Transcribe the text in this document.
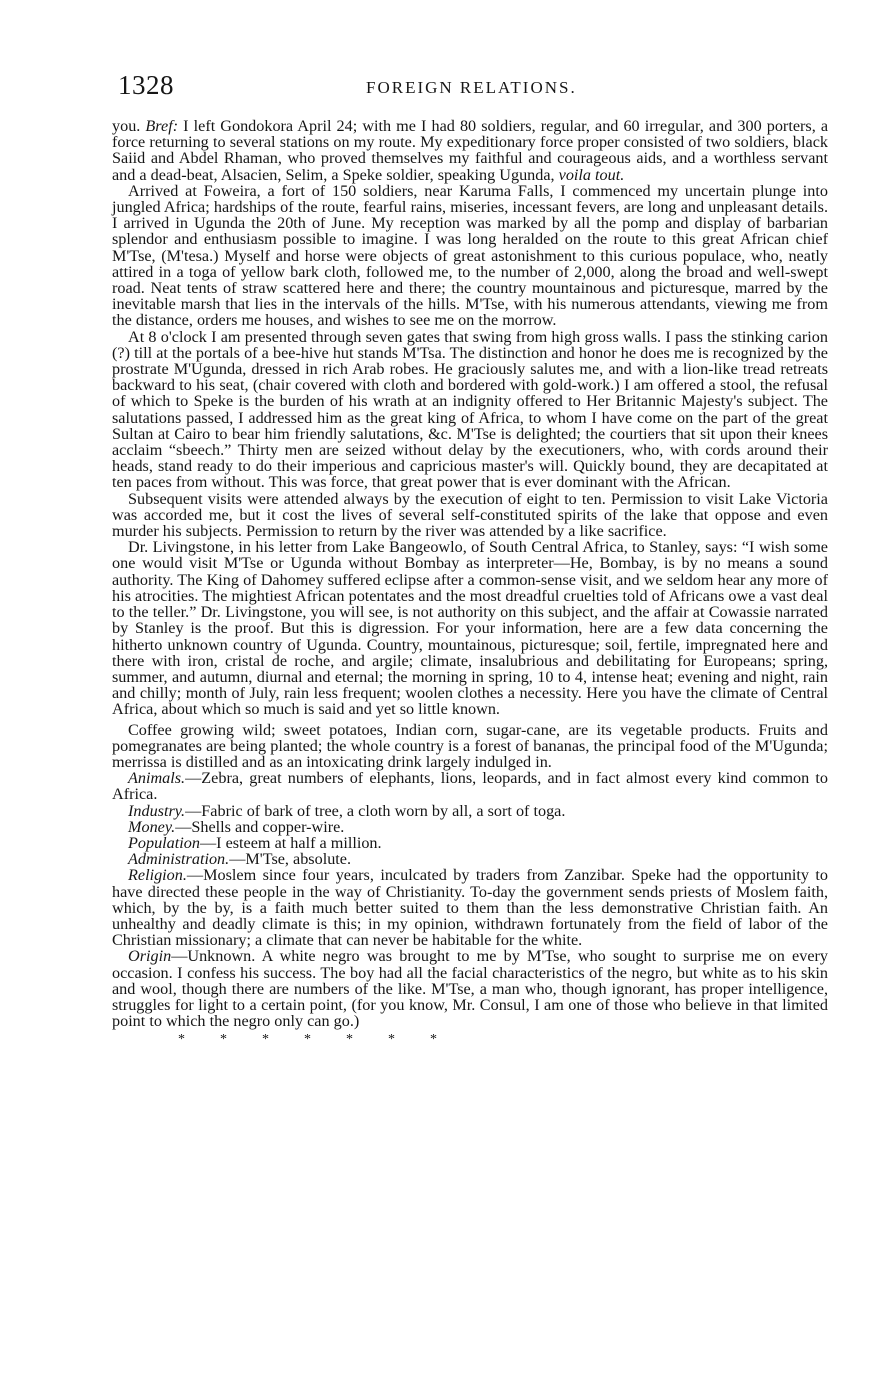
1328	FOREIGN RELATIONS.

you. Bref: I left Gondokora April 24; with me I had 80 soldiers, regular, and 60 irregular, and 300 porters, a force returning to several stations on my route. My expeditionary force proper consisted of two soldiers, black Saiid and Abdel Rhaman, who proved themselves my faithful and courageous aids, and a worthless servant and a dead-beat, Alsacien, Selim, a Speke soldier, speaking Ugunda, voila tout.

Arrived at Foweira, a fort of 150 soldiers, near Karuma Falls, I commenced my uncertain plunge into jungled Africa; hardships of the route, fearful rains, miseries, incessant fevers, are long and unpleasant details. I arrived in Ugunda the 20th of June. My reception was marked by all the pomp and display of barbarian splendor and enthusiasm possible to imagine. I was long heralded on the route to this great African chief M'Tse, (M'tesa.) Myself and horse were objects of great astonishment to this curious populace, who, neatly attired in a toga of yellow bark cloth, followed me, to the number of 2,000, along the broad and well-swept road. Neat tents of straw scattered here and there; the country mountainous and picturesque, marred by the inevitable marsh that lies in the intervals of the hills. M'Tse, with his numerous attendants, viewing me from the distance, orders me houses, and wishes to see me on the morrow.

At 8 o'clock I am presented through seven gates that swing from high gross walls. I pass the stinking carion (?) till at the portals of a bee-hive hut stands M'Tsa. The distinction and honor he does me is recognized by the prostrate M'Ugunda, dressed in rich Arab robes. He graciously salutes me, and with a lion-like tread retreats backward to his seat, (chair covered with cloth and bordered with gold-work.) I am offered a stool, the refusal of which to Speke is the burden of his wrath at an indignity offered to Her Britannic Majesty's subject. The salutations passed, I addressed him as the great king of Africa, to whom I have come on the part of the great Sultan at Cairo to bear him friendly salutations, &c. M'Tse is delighted; the courtiers that sit upon their knees acclaim “sbeech.” Thirty men are seized without delay by the executioners, who, with cords around their heads, stand ready to do their imperious and capricious master's will. Quickly bound, they are decapitated at ten paces from without. This was force, that great power that is ever dominant with the African.

Subsequent visits were attended always by the execution of eight to ten. Permission to visit Lake Victoria was accorded me, but it cost the lives of several self-constituted spirits of the lake that oppose and even murder his subjects. Permission to return by the river was attended by a like sacrifice.

Dr. Livingstone, in his letter from Lake Bangeowlo, of South Central Africa, to Stanley, says: “I wish some one would visit M'Tse or Ugunda without Bombay as interpreter—He, Bombay, is by no means a sound authority. The King of Dahomey suffered eclipse after a common-sense visit, and we seldom hear any more of his atrocities. The mightiest African potentates and the most dreadful cruelties told of Africans owe a vast deal to the teller.” Dr. Livingstone, you will see, is not authority on this subject, and the affair at Cowassie narrated by Stanley is the proof. But this is digression. For your information, here are a few data concerning the hitherto unknown country of Ugunda. Country, mountainous, picturesque; soil, fertile, impregnated here and there with iron, cristal de roche, and argile; climate, insalubrious and debilitating for Europeans; spring, summer, and autumn, diurnal and eternal; the morning in spring, 10 to 4, intense heat; evening and night, rain and chilly; month of July, rain less frequent; woolen clothes a necessity. Here you have the climate of Central Africa, about which so much is said and yet so little known.

Coffee growing wild; sweet potatoes, Indian corn, sugar-cane, are its vegetable products. Fruits and pomegranates are being planted; the whole country is a forest of bananas, the principal food of the M'Ugunda; merrissa is distilled and as an intoxicating drink largely indulged in.

Animals.—Zebra, great numbers of elephants, lions, leopards, and in fact almost every kind common to Africa.

Industry.—Fabric of bark of tree, a cloth worn by all, a sort of toga.

Money.—Shells and copper-wire.

Population—I esteem at half a million.

Administration.—M'Tse, absolute.

Religion.—Moslem since four years, inculcated by traders from Zanzibar. Speke had the opportunity to have directed these people in the way of Christianity. To-day the government sends priests of Moslem faith, which, by the by, is a faith much better suited to them than the less demonstrative Christian faith. An unhealthy and deadly climate is this; in my opinion, withdrawn fortunately from the field of labor of the Christian missionary; a climate that can never be habitable for the white.

Origin—Unknown. A white negro was brought to me by M'Tse, who sought to surprise me on every occasion. I confess his success. The boy had all the facial characteristics of the negro, but white as to his skin and wool, though there are numbers of the like. M'Tse, a man who, though ignorant, has proper intelligence, struggles for light to a certain point, (for you know, Mr. Consul, I am one of those who believe in that limited point to which the negro only can go.)

*          *          *          *          *          *          *
